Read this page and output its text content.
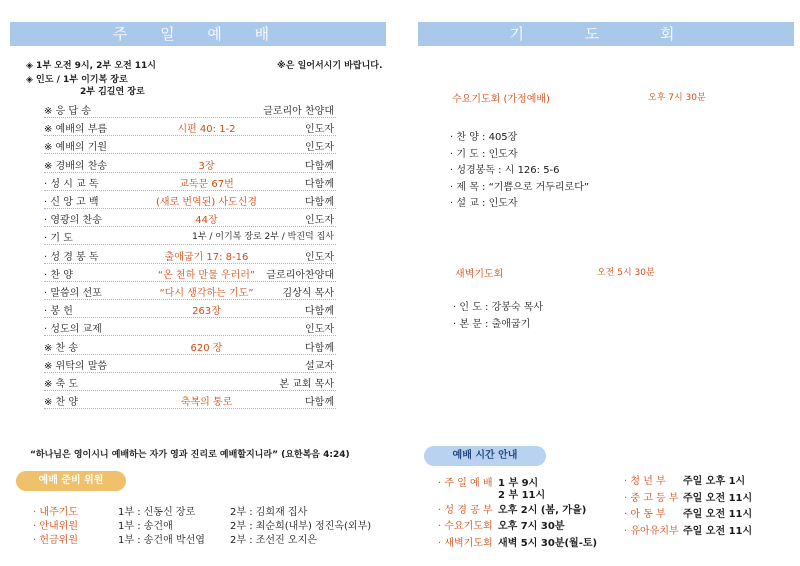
주 일 예 배
◈ 1부 오전 9시, 2부 오전 11시	※은 일어서시기 바랍니다.
◈ 인도 / 1부 이기복 장로
2부 김길연 장로
※ 응 답 송	글로리아 찬양대
※ 예배의 부름	시편 40: 1-2	인도자
※ 예배의 기원	인도자
※ 경배의 찬송	3장	다함께
· 성 시 교 독	교독문 67번	다함께
· 신 앙 고 백	(새로 번역된) 사도신경	다함께
· 영광의 찬송	44장	인도자
· 기 도	1부 / 이기복 장로 2부 / 박진덕 집사
· 성 경 봉 독	출애굽기 17: 8-16	인도자
· 찬 양	“온 천하 만물 우러러”	글로리아찬양대
· 말씀의 선포	“다시 생각하는 기도”	김상식 목사
· 봉 헌	263장	다함께
· 성도의 교제	인도자
※ 찬 송	620 장	다함께
※ 위탁의 말씀	설교자
※ 축 도	본 교회 목사
※ 찬 양	축복의 통로	다함께
“하나님은 영이시니 예배하는 자가 영과 진리로 예배할지니라” (요한복음 4:24)
예배 준비 위원
· 내주기도	1부 : 신동신 장로	2부 : 김희재 집사
· 안내위원	1부 : 송건애	2부 : 최순희(내부) 정진옥(외부)
· 헌금위원	1부 : 송건애 박선엽	2부 : 조선진 오지은
기 도 회
수요기도회 (가정예배)	오후 7시 30분
· 찬 양 : 405장
· 기 도 : 인도자
· 성경봉독 : 시 126: 5-6
· 제 목 : “기쁨으로 거두리로다”
· 설 교 : 인도자
새벽기도회	오전 5시 30분
· 인 도 : 강봉숙 목사
· 본 문 : 출애굽기
예배 시간 안내
· 주 일 예 배 1 부 9시
2 부 11시
· 성 경 공 부 오후 2시 (봄, 가을)
· 수요기도회 오후 7시 30분
· 새벽기도회 새벽 5시 30분(월-토)
· 청 년 부 주일 오후 1시
· 중 고 등 부 주일 오전 11시
· 아 동 부 주일 오전 11시
· 유아유치부 주일 오전 11시
